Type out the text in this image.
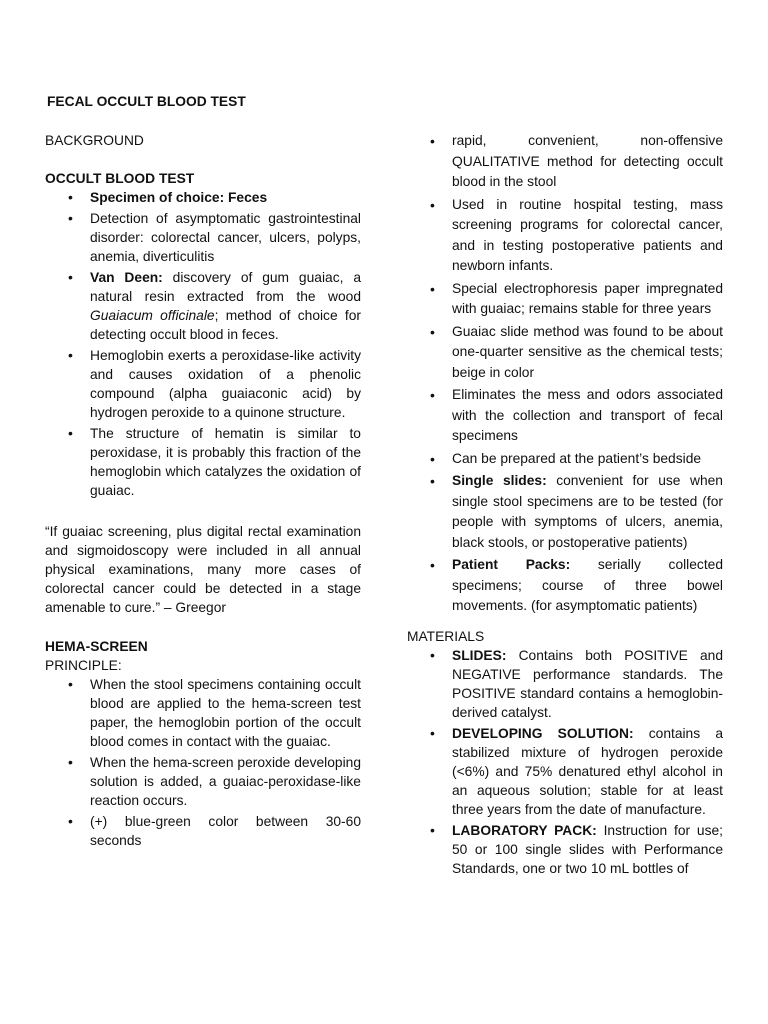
FECAL OCCULT BLOOD TEST

BACKGROUND

OCCULT BLOOD TEST

• Specimen of choice: Feces
• Detection of asymptomatic gastrointestinal disorder: colorectal cancer, ulcers, polyps, anemia, diverticulitis
• Van Deen: discovery of gum guaiac, a natural resin extracted from the wood Guaiacum officinale; method of choice for detecting occult blood in feces.
• Hemoglobin exerts a peroxidase-like activity and causes oxidation of a phenolic compound (alpha guaiaconic acid) by hydrogen peroxide to a quinone structure.
• The structure of hematin is similar to peroxidase, it is probably this fraction of the hemoglobin which catalyzes the oxidation of guaiac.

“If guaiac screening, plus digital rectal examination and sigmoidoscopy were included in all annual physical examinations, many more cases of colorectal cancer could be detected in a stage amenable to cure.” – Greegor

HEMA-SCREEN

PRINCIPLE:

• When the stool specimens containing occult blood are applied to the hema-screen test paper, the hemoglobin portion of the occult blood comes in contact with the guaiac.
• When the hema-screen peroxide developing solution is added, a guaiac-peroxidase-like reaction occurs.
• (+) blue-green color between 30-60 seconds
• rapid, convenient, non-offensive QUALITATIVE method for detecting occult blood in the stool
• Used in routine hospital testing, mass screening programs for colorectal cancer, and in testing postoperative patients and newborn infants.
• Special electrophoresis paper impregnated with guaiac; remains stable for three years
• Guaiac slide method was found to be about one-quarter sensitive as the chemical tests; beige in color
• Eliminates the mess and odors associated with the collection and transport of fecal specimens
• Can be prepared at the patient’s bedside
• Single slides: convenient for use when single stool specimens are to be tested (for people with symptoms of ulcers, anemia, black stools, or postoperative patients)
• Patient Packs: serially collected specimens; course of three bowel movements. (for asymptomatic patients)

MATERIALS

• SLIDES: Contains both POSITIVE and NEGATIVE performance standards. The POSITIVE standard contains a hemoglobin-derived catalyst.
• DEVELOPING SOLUTION: contains a stabilized mixture of hydrogen peroxide (<6%) and 75% denatured ethyl alcohol in an aqueous solution; stable for at least three years from the date of manufacture.
• LABORATORY PACK: Instruction for use; 50 or 100 single slides with Performance Standards, one or two 10 mL bottles of
